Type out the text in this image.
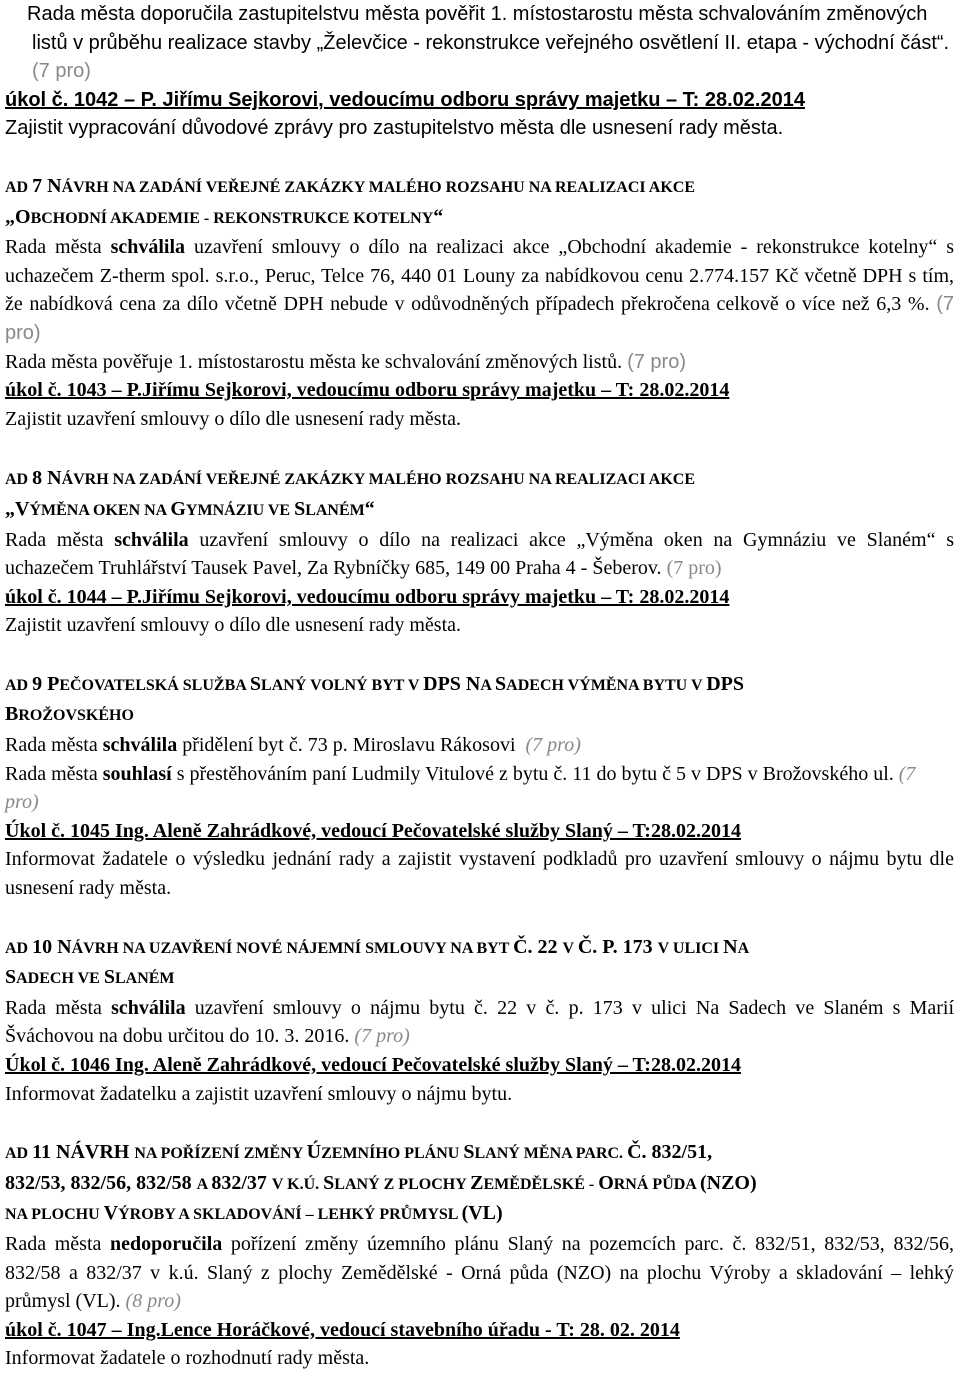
Rada města doporučila zastupitelstvu města pověřit 1. místostarostu města schvalováním změnových listů v průběhu realizace stavby „Želevčice - rekonstrukce veřejného osvětlení II. etapa - východní část“. (7 pro)

úkol č. 1042 – P. Jiřímu Sejkorovi, vedoucímu odboru správy majetku – T: 28.02.2014

Zajistit vypracování důvodové zprávy pro zastupitelstvo města dle usnesení rady města.

AD 7 NÁVRH NA ZADÁNÍ VEŘEJNÉ ZAKÁZKY MALÉHO ROZSAHU NA REALIZACI AKCE

„OBCHODNÍ AKADEMIE - REKONSTRUKCE KOTELNY“

Rada města schválila uzavření smlouvy o dílo na realizaci akce „Obchodní akademie - rekonstrukce kotelny“ s uchazečem Z-therm spol. s.r.o., Peruc, Telce 76, 440 01 Louny za nabídkovou cenu 2.774.157 Kč včetně DPH s tím, že nabídková cena za dílo včetně DPH nebude v odůvodněných případech překročena celkově o více než 6,3 %. (7 pro)

Rada města pověřuje 1. místostarostu města ke schvalování změnových listů. (7 pro)

úkol č. 1043 – P.Jiřímu Sejkorovi, vedoucímu odboru správy majetku – T: 28.02.2014

Zajistit uzavření smlouvy o dílo dle usnesení rady města.

AD 8 NÁVRH NA ZADÁNÍ VEŘEJNÉ ZAKÁZKY MALÉHO ROZSAHU NA REALIZACI AKCE

„VÝMĚNA OKEN NA GYMNÁZIU VE SLANÉM“

Rada města schválila uzavření smlouvy o dílo na realizaci akce „Výměna oken na Gymnáziu ve Slaném“ s uchazečem Truhlářství Tausek Pavel, Za Rybníčky 685, 149 00 Praha 4 - Šeberov. (7 pro)

úkol č. 1044 – P.Jiřímu Sejkorovi, vedoucímu odboru správy majetku – T: 28.02.2014

Zajistit uzavření smlouvy o dílo dle usnesení rady města.

AD 9 PEČOVATELSKÁ SLUŽBA SLANÝ VOLNÝ BYT V DPS NA SADECH VÝMĚNA BYTU V DPS

BROŽOVSKÉHO

Rada města schválila přidělení byt č. 73 p. Miroslavu Rákosovi (7 pro)

Rada města souhlasí s přestěhováním paní Ludmily Vitulové z bytu č. 11 do bytu č 5 v DPS v Brožovského ul. (7 pro)

Úkol č. 1045 Ing. Aleně Zahrádkové, vedoucí Pečovatelské služby Slaný – T:28.02.2014

Informovat žadatele o výsledku jednání rady a zajistit vystavení podkladů pro uzavření smlouvy o nájmu bytu dle usnesení rady města.

AD 10 NÁVRH NA UZAVŘENÍ NOVÉ NÁJEMNÍ SMLOUVY NA BYT Č. 22 V Č. P. 173 V ULICI NA

SADECH VE SLANÉM

Rada města schválila uzavření smlouvy o nájmu bytu č. 22 v č. p. 173 v ulici Na Sadech ve Slaném s Marií Šváchovou na dobu určitou do 10. 3. 2016. (7 pro)

Úkol č. 1046 Ing. Aleně Zahrádkové, vedoucí Pečovatelské služby Slaný – T:28.02.2014

Informovat žadatelku a zajistit uzavření smlouvy o nájmu bytu.

AD 11 NÁVRH NA POŘÍZENÍ ZMĚNY ÚZEMNÍHO PLÁNU SLANÝ MĚNA PARC. Č. 832/51,

832/53, 832/56, 832/58 A 832/37 V K.Ú. SLANÝ Z PLOCHY ZEMĚDĚLSKÉ - ORNÁ PŮDA (NZO)

NA PLOCHU VÝROBY A SKLADOVÁNÍ – LEHKÝ PRŮMYSL (VL)

Rada města nedoporučila pořízení změny územního plánu Slaný na pozemcích parc. č. 832/51, 832/53, 832/56, 832/58 a 832/37 v k.ú. Slaný z plochy Zemědělské - Orná půda (NZO) na plochu Výroby a skladování – lehký průmysl (VL). (8 pro)

úkol č. 1047 – Ing.Lence Horáčkové, vedoucí stavebního úřadu - T: 28. 02. 2014

Informovat žadatele o rozhodnutí rady města.
